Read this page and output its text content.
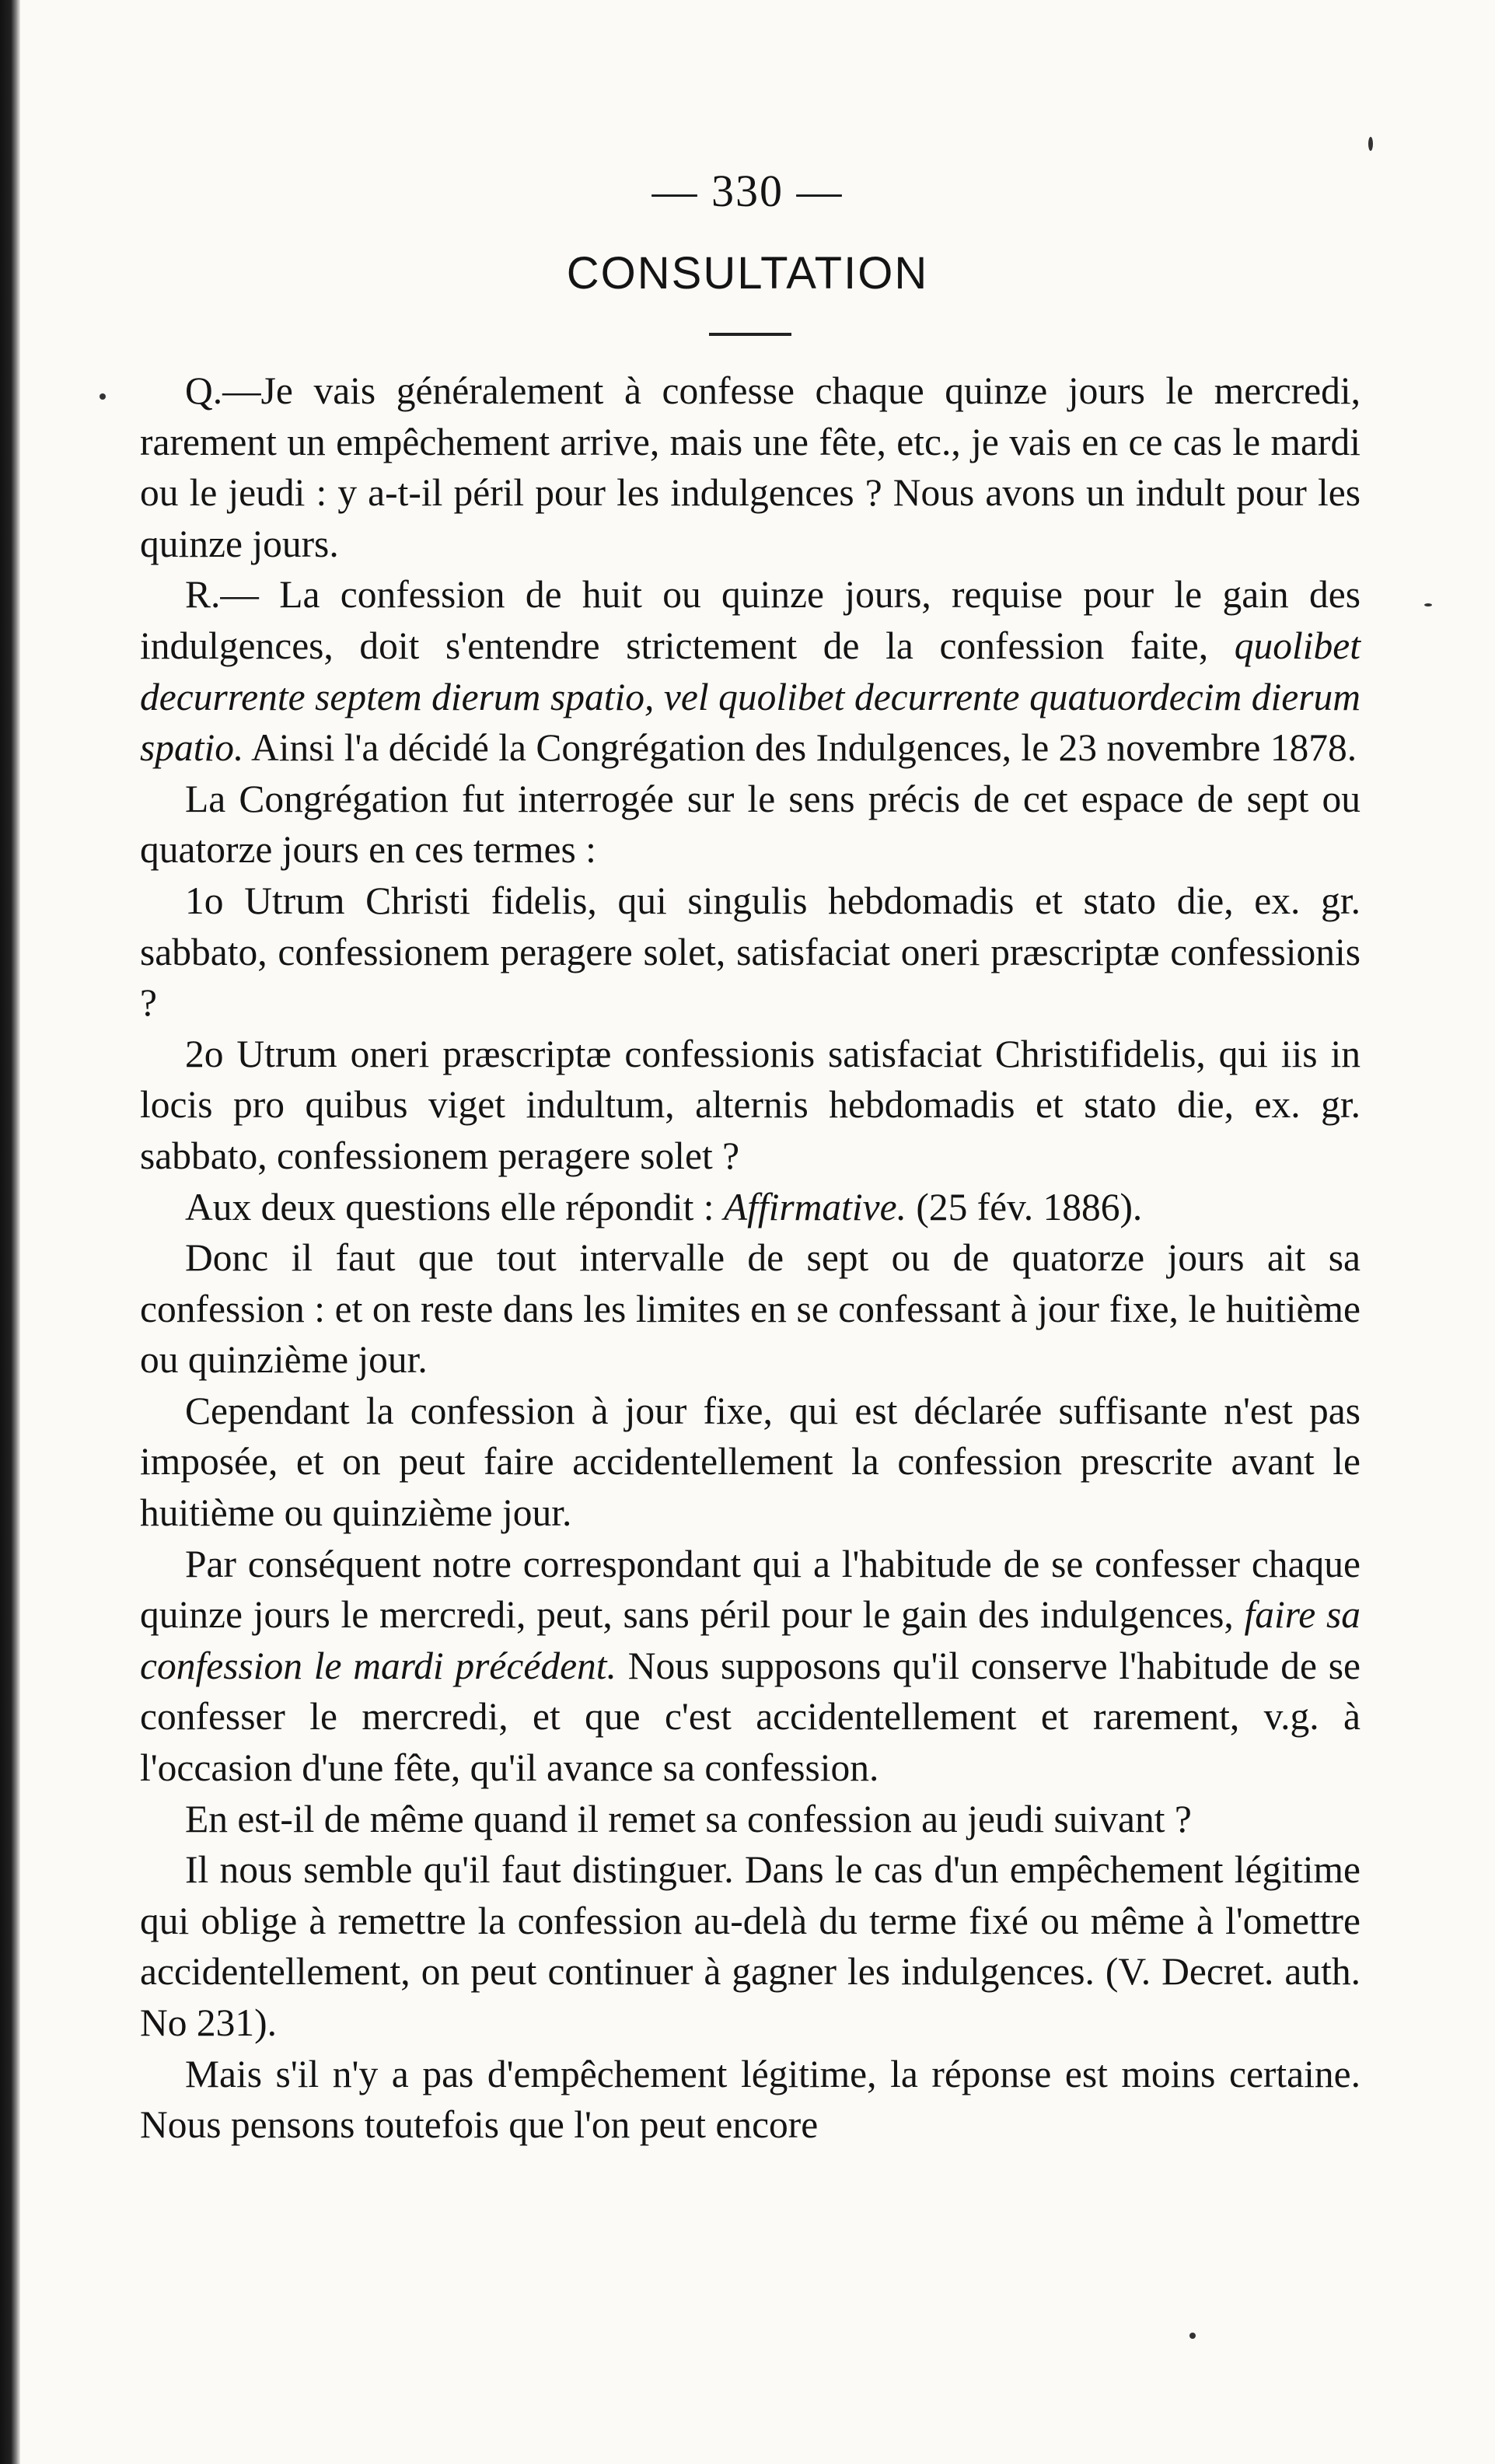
— 330 —
CONSULTATION

Q.—Je vais généralement à confesse chaque quinze jours le mercredi, rarement un empêchement arrive, mais une fête, etc., je vais en ce cas le mardi ou le jeudi : y a-t-il péril pour les indulgences ? Nous avons un indult pour les quinze jours.

R.— La confession de huit ou quinze jours, requise pour le gain des indulgences, doit s'entendre strictement de la confession faite, quolibet decurrente septem dierum spatio, vel quolibet decurrente quatuordecim dierum spatio. Ainsi l'a décidé la Congrégation des Indulgences, le 23 novembre 1878.

La Congrégation fut interrogée sur le sens précis de cet espace de sept ou quatorze jours en ces termes :

1o Utrum Christi fidelis, qui singulis hebdomadis et stato die, ex. gr. sabbato, confessionem peragere solet, satisfaciat oneri præscriptæ confessionis ?

2o Utrum oneri præscriptæ confessionis satisfaciat Christifidelis, qui iis in locis pro quibus viget indultum, alternis hebdomadis et stato die, ex. gr. sabbato, confessionem peragere solet ?

Aux deux questions elle répondit : Affirmative. (25 fév. 1886).

Donc il faut que tout intervalle de sept ou de quatorze jours ait sa confession : et on reste dans les limites en se confessant à jour fixe, le huitième ou quinzième jour.

Cependant la confession à jour fixe, qui est déclarée suffisante n'est pas imposée, et on peut faire accidentellement la confession prescrite avant le huitième ou quinzième jour.

Par conséquent notre correspondant qui a l'habitude de se confesser chaque quinze jours le mercredi, peut, sans péril pour le gain des indulgences, faire sa confession le mardi précédent. Nous supposons qu'il conserve l'habitude de se confesser le mercredi, et que c'est accidentellement et rarement, v.g. à l'occasion d'une fête, qu'il avance sa confession.

En est-il de même quand il remet sa confession au jeudi suivant ?

Il nous semble qu'il faut distinguer. Dans le cas d'un empêchement légitime qui oblige à remettre la confession au-delà du terme fixé ou même à l'omettre accidentellement, on peut continuer à gagner les indulgences. (V. Decret. auth. No 231).

Mais s'il n'y a pas d'empêchement légitime, la réponse est moins certaine. Nous pensons toutefois que l'on peut encore
